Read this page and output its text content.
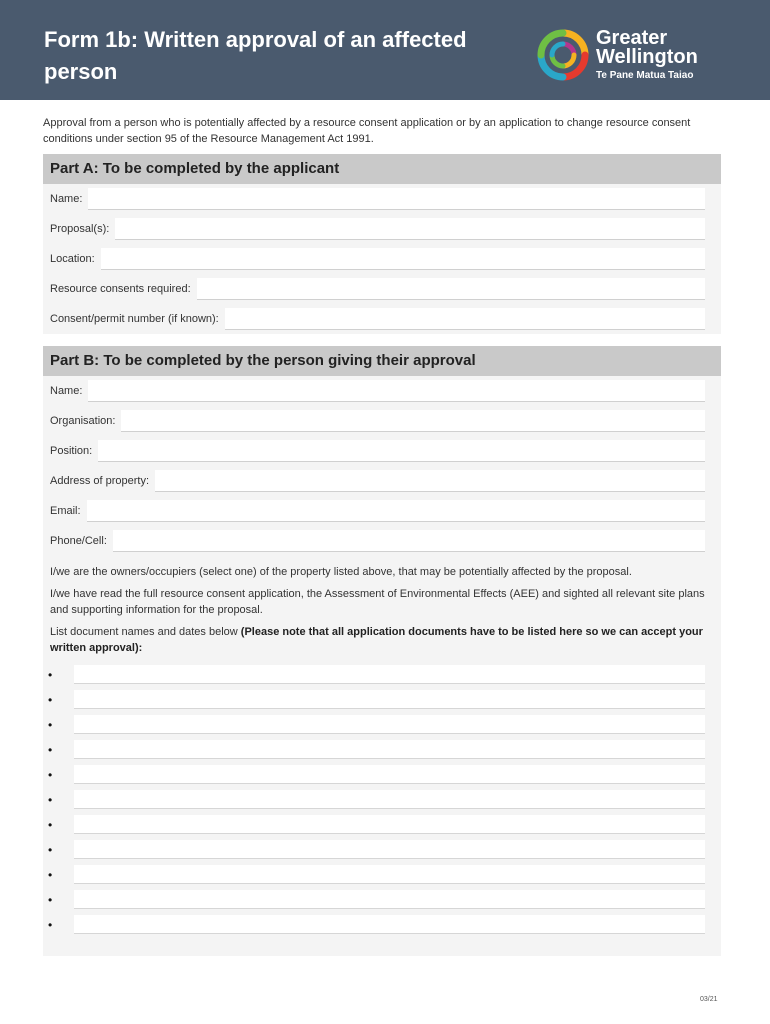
Form 1b: Written approval of an affected person
Greater
Wellington
Te Pane Matua Taiao
Approval from a person who is potentially affected by a resource consent application or by an application to change resource consent conditions under section 95 of the Resource Management Act 1991.
Part A: To be completed by the applicant
Name:
Proposal(s):
Location:
Resource consents required:
Consent/permit number (if known):
Part B: To be completed by the person giving their approval
Name:
Organisation:
Position:
Address of property:
Email:
Phone/Cell:

I/we are the owners/occupiers (select one) of the property listed above, that may be potentially affected by the proposal.

I/we have read the full resource consent application, the Assessment of Environmental Effects (AEE) and sighted all relevant site plans and supporting information for the proposal.

List document names and dates below (Please note that all application documents have to be listed here so we can accept your written approval):

•
•
•
•
•
•
•
•
•
•
•
03/21
